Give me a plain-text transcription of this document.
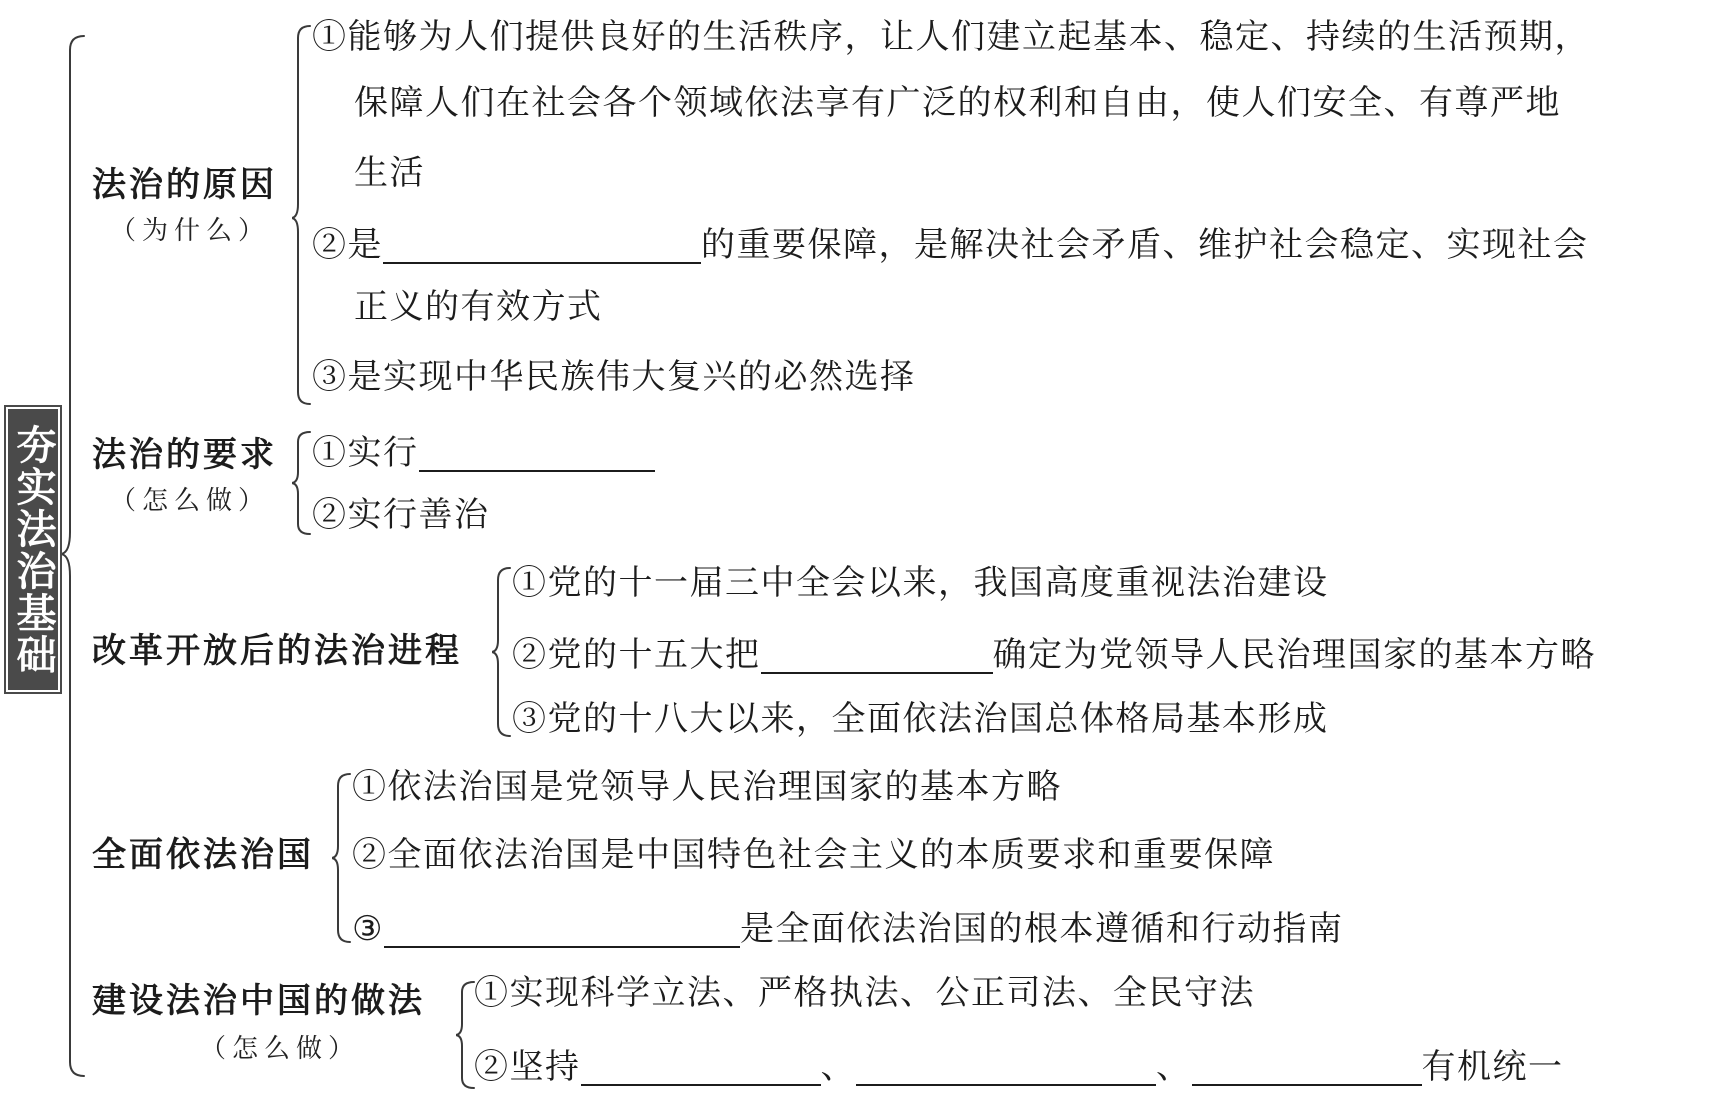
夯实法治基础
法治的原因
（为什么）
①能够为人们提供良好的生活秩序，让人们建立起基本、稳定、持续的生活预期，
保障人们在社会各个领域依法享有广泛的权利和自由，使人们安全、有尊严地
生活
②是	的重要保障，是解决社会矛盾、维护社会稳定、实现社会
正义的有效方式
③是实现中华民族伟大复兴的必然选择
法治的要求
（怎么做）
①实行
②实行善治
改革开放后的法治进程
①党的十一届三中全会以来，我国高度重视法治建设
②党的十五大把	确定为党领导人民治理国家的基本方略
③党的十八大以来，全面依法治国总体格局基本形成
全面依法治国
①依法治国是党领导人民治理国家的基本方略
②全面依法治国是中国特色社会主义的本质要求和重要保障
③	是全面依法治国的根本遵循和行动指南
建设法治中国的做法
（怎么做）
①实现科学立法、严格执法、公正司法、全民守法
②坚持	、	、	有机统一
